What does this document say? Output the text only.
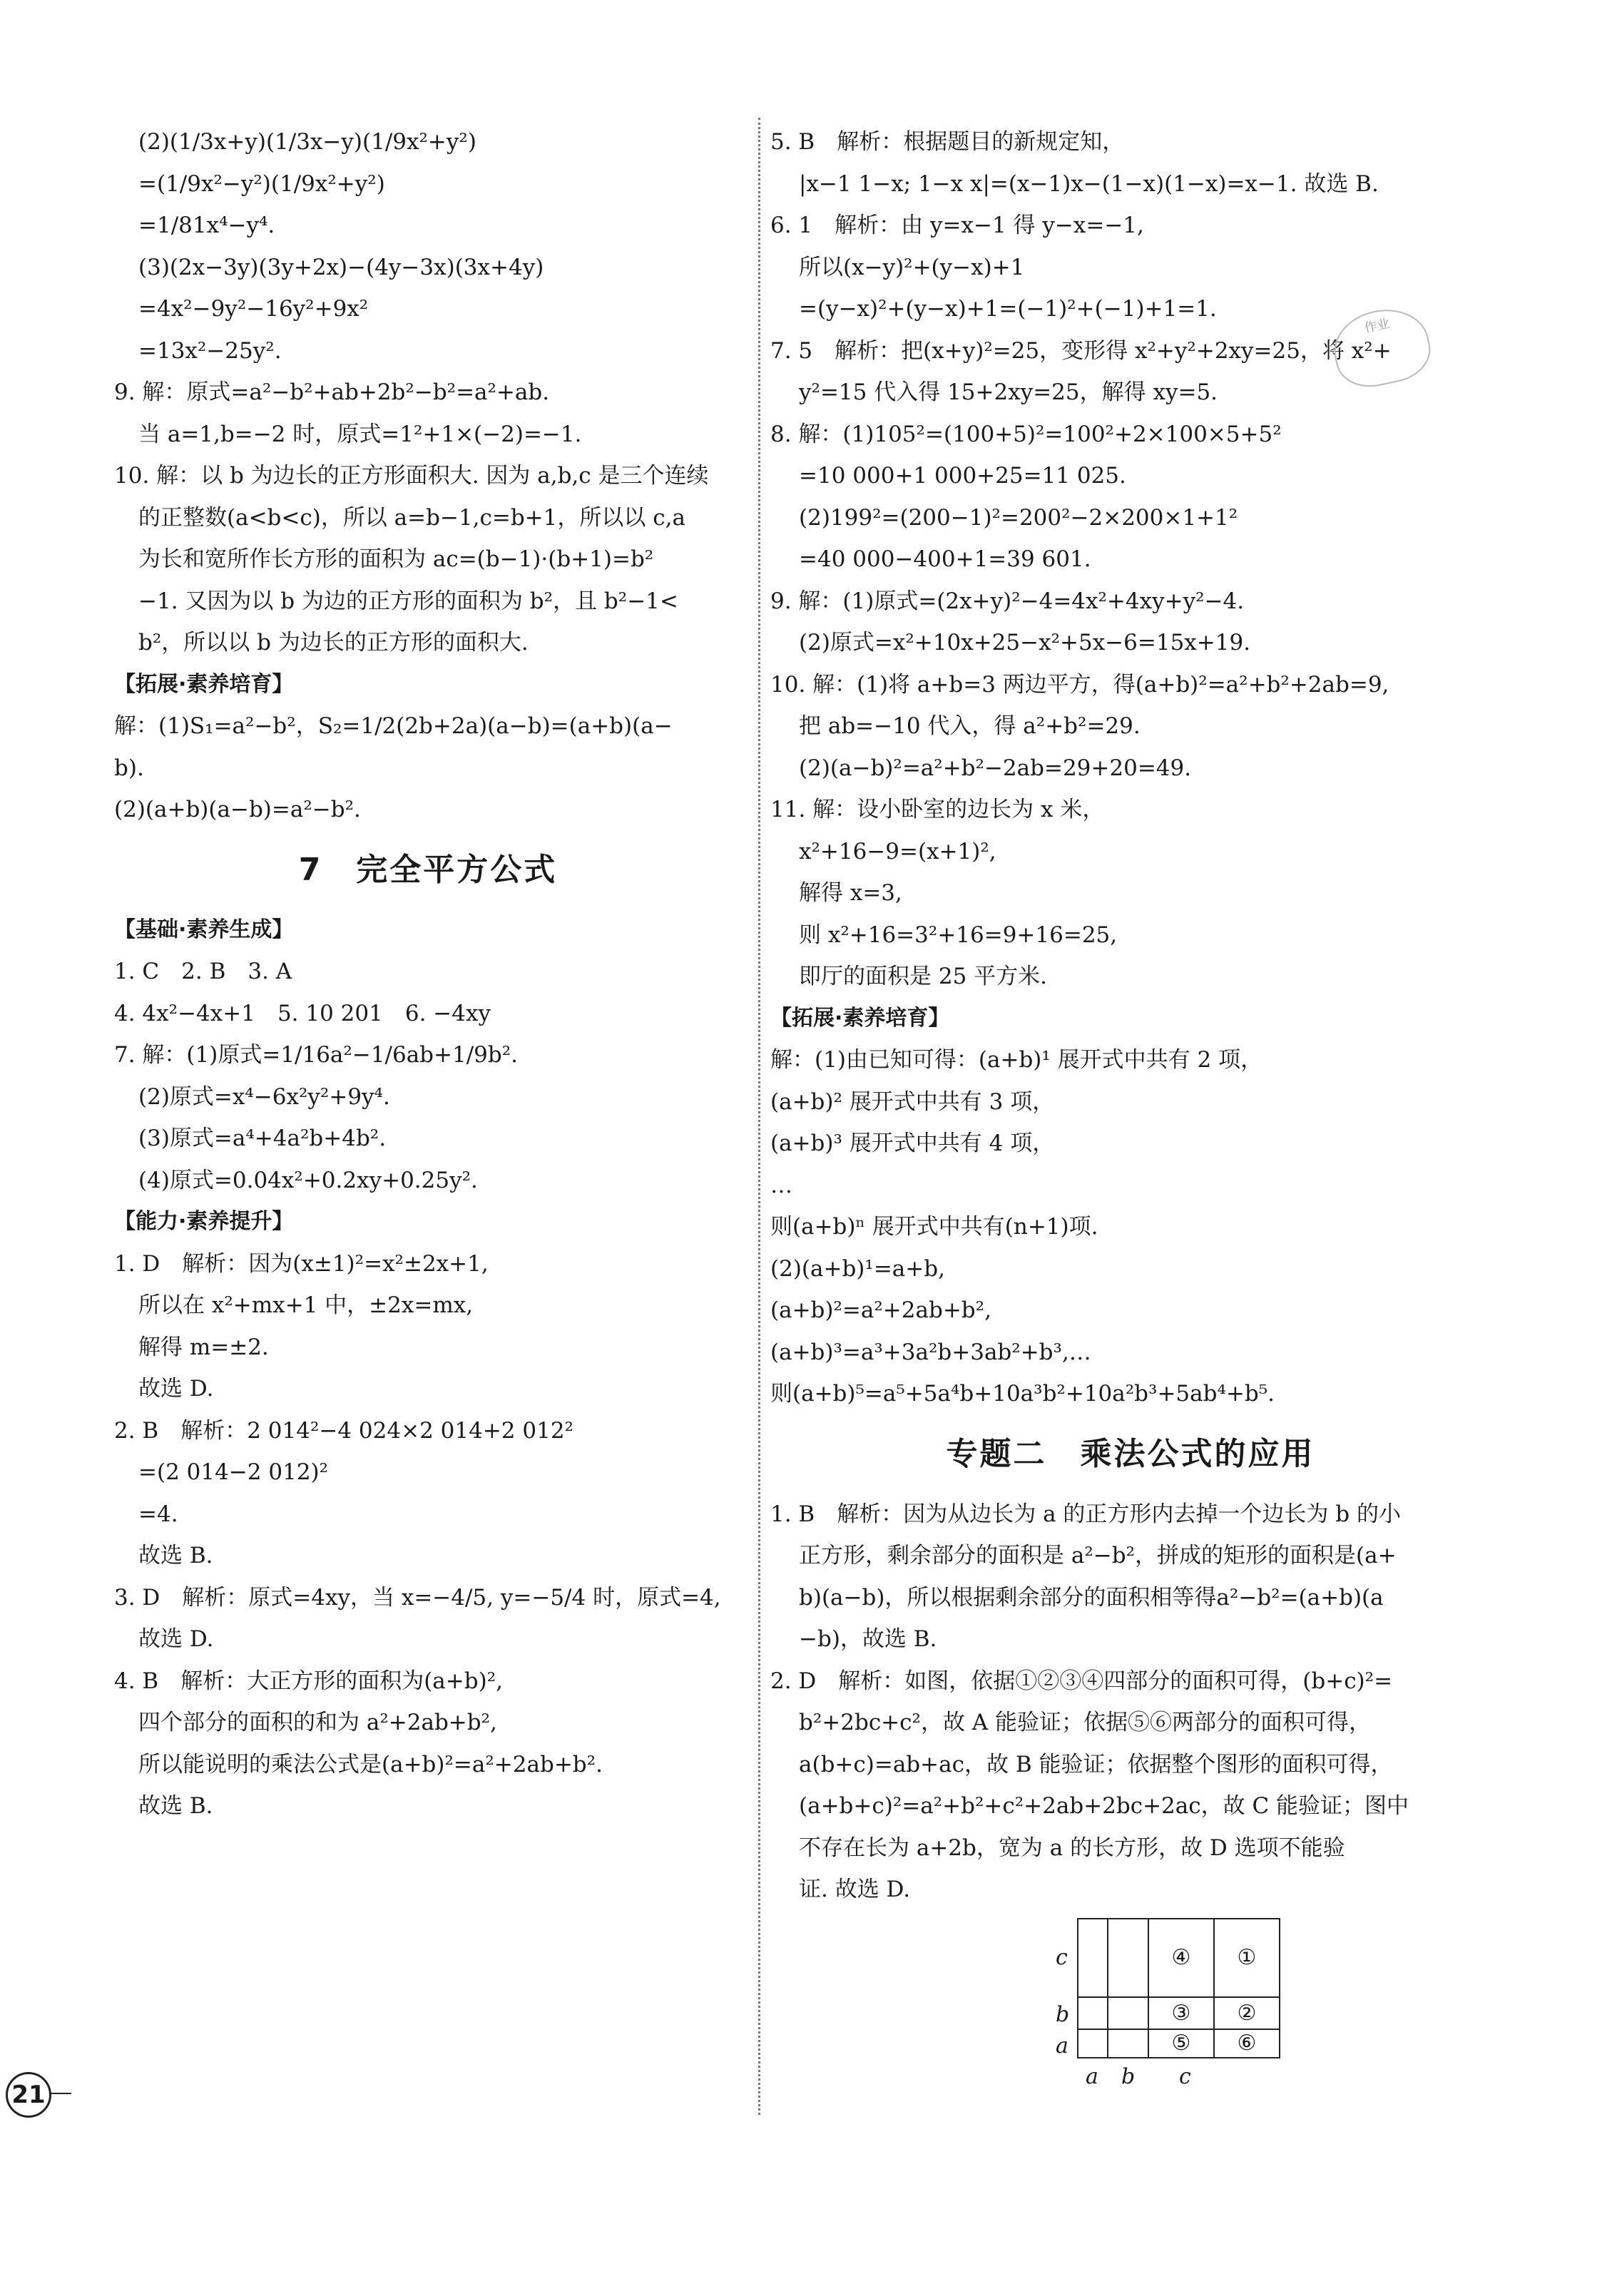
(2)(1/3x+y)(1/3x−y)(1/9x²+y²)
=(1/9x²−y²)(1/9x²+y²)
=1/81x⁴−y⁴.
(3)(2x−3y)(3y+2x)−(4y−3x)(3x+4y)
=4x²−9y²−16y²+9x²
=13x²−25y².
9. 解：原式=a²−b²+ab+2b²−b²=a²+ab.
当 a=1,b=−2 时，原式=1²+1×(−2)=−1.
10. 解：以 b 为边长的正方形面积大. 因为 a,b,c 是三个连续
的正整数(a<b<c)，所以 a=b−1,c=b+1，所以以 c,a
为长和宽所作长方形的面积为 ac=(b−1)·(b+1)=b²
−1. 又因为以 b 为边的正方形的面积为 b²，且 b²−1<
b²，所以以 b 为边长的正方形的面积大.
【拓展·素养培育】
解：(1)S₁=a²−b²，S₂=1/2(2b+2a)(a−b)=(a+b)(a−
b).
(2)(a+b)(a−b)=a²−b².
7　完全平方公式
【基础·素养生成】
1. C　2. B　3. A
4. 4x²−4x+1　5. 10 201　6. −4xy
7. 解：(1)原式=1/16a²−1/6ab+1/9b².
(2)原式=x⁴−6x²y²+9y⁴.
(3)原式=a⁴+4a²b+4b².
(4)原式=0.04x²+0.2xy+0.25y².
【能力·素养提升】
1. D　解析：因为(x±1)²=x²±2x+1,
所以在 x²+mx+1 中，±2x=mx,
解得 m=±2.
故选 D.
2. B　解析：2 014²−4 024×2 014+2 012²
=(2 014−2 012)²
=4.
故选 B.
3. D　解析：原式=4xy，当 x=−4/5, y=−5/4 时，原式=4,
故选 D.
4. B　解析：大正方形的面积为(a+b)²,
四个部分的面积的和为 a²+2ab+b²,
所以能说明的乘法公式是(a+b)²=a²+2ab+b².
故选 B.
5. B　解析：根据题目的新规定知，
|x−1 1−x; 1−x x|=(x−1)x−(1−x)(1−x)=x−1. 故选 B.
6. 1　解析：由 y=x−1 得 y−x=−1,
所以(x−y)²+(y−x)+1
=(y−x)²+(y−x)+1=(−1)²+(−1)+1=1.
7. 5　解析：把(x+y)²=25，变形得 x²+y²+2xy=25，将 x²+
y²=15 代入得 15+2xy=25，解得 xy=5.
8. 解：(1)105²=(100+5)²=100²+2×100×5+5²
=10 000+1 000+25=11 025.
(2)199²=(200−1)²=200²−2×200×1+1²
=40 000−400+1=39 601.
9. 解：(1)原式=(2x+y)²−4=4x²+4xy+y²−4.
(2)原式=x²+10x+25−x²+5x−6=15x+19.
10. 解：(1)将 a+b=3 两边平方，得(a+b)²=a²+b²+2ab=9,
把 ab=−10 代入，得 a²+b²=29.
(2)(a−b)²=a²+b²−2ab=29+20=49.
11. 解：设小卧室的边长为 x 米，
x²+16−9=(x+1)²,
解得 x=3,
则 x²+16=3²+16=9+16=25,
即厅的面积是 25 平方米.
【拓展·素养培育】
解：(1)由已知可得：(a+b)¹ 展开式中共有 2 项，
(a+b)² 展开式中共有 3 项，
(a+b)³ 展开式中共有 4 项，
…
则(a+b)ⁿ 展开式中共有(n+1)项.
(2)(a+b)¹=a+b,
(a+b)²=a²+2ab+b²,
(a+b)³=a³+3a²b+3ab²+b³,…
则(a+b)⁵=a⁵+5a⁴b+10a³b²+10a²b³+5ab⁴+b⁵.
专题二　乘法公式的应用
1. B　解析：因为从边长为 a 的正方形内去掉一个边长为 b 的小
正方形，剩余部分的面积是 a²−b²，拼成的矩形的面积是(a+
b)(a−b)，所以根据剩余部分的面积相等得a²−b²=(a+b)(a
−b)，故选 B.
2. D　解析：如图，依据①②③④四部分的面积可得，(b+c)²=
b²+2bc+c²，故 A 能验证；依据⑤⑥两部分的面积可得，
a(b+c)=ab+ac，故 B 能验证；依据整个图形的面积可得，
(a+b+c)²=a²+b²+c²+2ab+2bc+2ac，故 C 能验证；图中
不存在长为 a+2b，宽为 a 的长方形，故 D 选项不能验
证. 故选 D.
		④	①
		③	②
		⑤	⑥
c
b
a
a b c
作业
21
